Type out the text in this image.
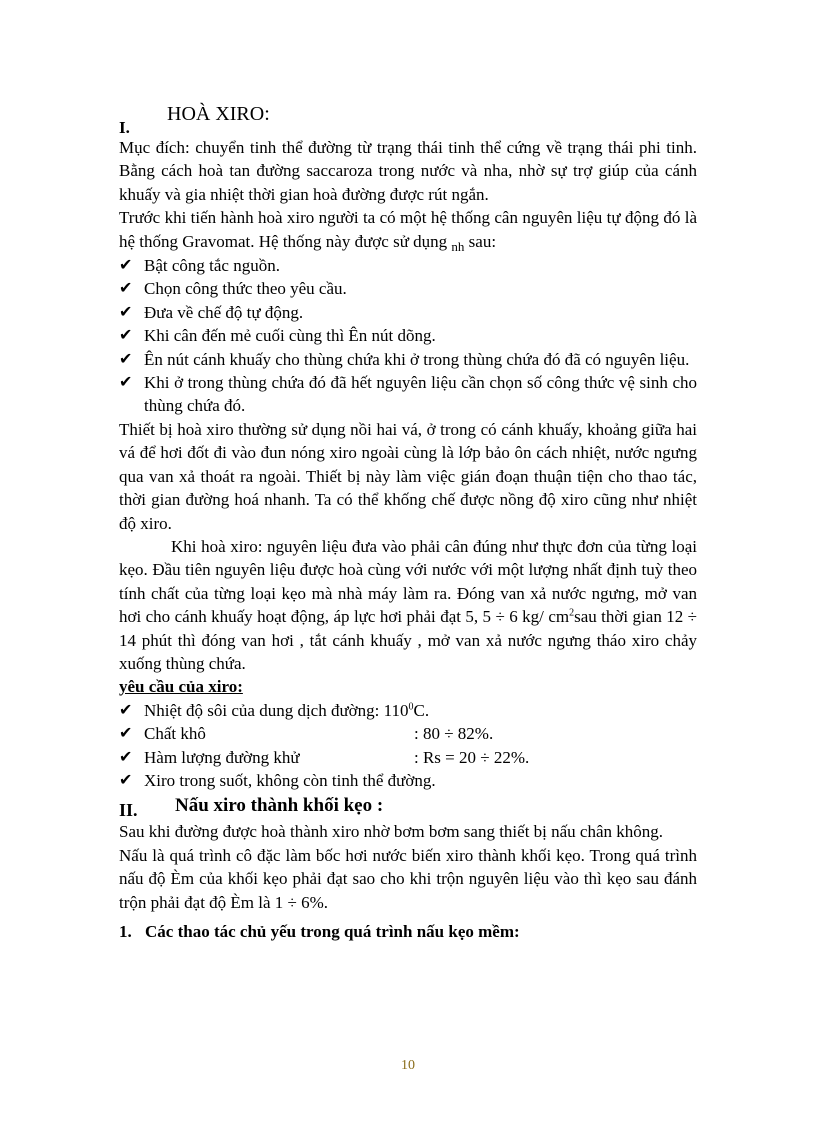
I.
HOÀ XIRO:

Mục đích: chuyển tinh thể đường từ trạng thái tinh thể cứng về trạng thái phi tinh. Bằng cách hoà tan đường saccaroza trong nước và nha, nhờ sự trợ giúp của cánh khuấy và gia nhiệt thời gian hoà đường được rút ngắn.

Trước khi tiến hành hoà xiro người ta có một hệ thống cân nguyên liệu tự động đó là hệ thống Gravomat. Hệ thống này được sử dụng $_{nh}$ sau:

✔ Bật công tắc nguồn.
✔ Chọn công thức theo yêu cầu.
✔ Đưa về chế độ tự động.
✔ Khi cân đến mẻ cuối cùng thì Ên nút dõng.
✔ Ên nút cánh khuấy cho thùng chứa khi ở trong thùng chứa đó đã có nguyên liệu.
✔ Khi ở trong thùng chứa đó đã hết nguyên liệu cần chọn số công thức vệ sinh cho thùng chứa đó.

Thiết bị hoà xiro thường sử dụng nồi hai vá, ở trong có cánh khuấy, khoảng giữa hai vá để hơi đốt đi vào đun nóng xiro ngoài cùng là lớp bảo ôn cách nhiệt, nước ngưng qua van xả thoát ra ngoài. Thiết bị này làm việc gián đoạn thuận tiện cho thao tác, thời gian đường hoá nhanh. Ta có thể khống chế được nồng độ xiro cũng như nhiệt độ xiro.

Khi hoà xiro: nguyên liệu đưa vào phải cân đúng như thực đơn của từng loại kẹo. Đầu tiên nguyên liệu được hoà cùng với nước với một lượng nhất định tuỳ theo tính chất của từng loại kẹo mà nhà máy làm ra. Đóng van xả nước ngưng, mở van hơi cho cánh khuấy hoạt động, áp lực hơi phải đạt 5, 5 ÷ 6 kg/ $cm^2sau$ thời gian 12 ÷ 14 phút thì đóng van hơi , tắt cánh khuấy , mở van xả nước ngưng tháo xiro chảy xuống thùng chứa.

yêu cầu của xiro:
✔ Nhiệt độ sôi của dung dịch đường: $110^0C$.
✔ Chất khô	: 80 ÷ 82%.
✔ Hàm lượng đường khử	: Rs = 20 ÷ 22%.
✔ Xiro trong suốt, không còn tinh thể đường.
II. Nấu xiro thành khối kẹo :

Sau khi đường được hoà thành xiro nhờ bơm bơm sang thiết bị nấu chân không.

Nấu là quá trình cô đặc làm bốc hơi nước biến xiro thành khối kẹo. Trong quá trình nấu độ Èm của khối kẹo phải đạt sao cho khi trộn nguyên liệu vào thì kẹo sau đánh trộn phải đạt độ Èm là 1 ÷ 6%.

1. Các thao tác chủ yếu trong quá trình nấu kẹo mềm:
10
